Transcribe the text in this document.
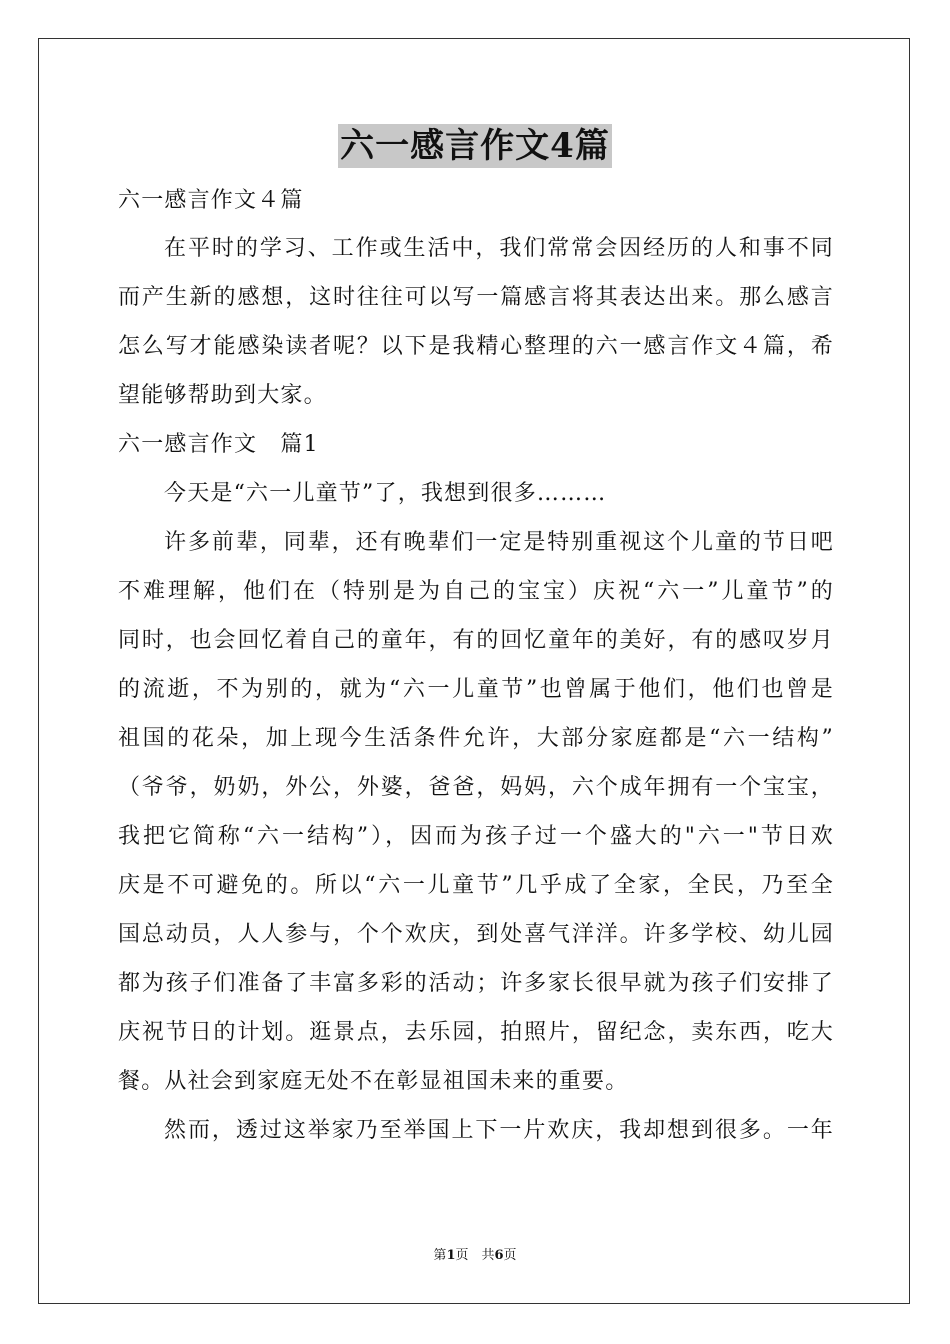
六一感言作文4篇
六一感言作文４篇
在平时的学习、工作或生活中，我们常常会因经历的人和事不同
而产生新的感想，这时往往可以写一篇感言将其表达出来。那么感言
怎么写才能感染读者呢？以下是我精心整理的六一感言作文４篇，希
望能够帮助到大家。
六一感言作文　篇1
今天是“六一儿童节”了，我想到很多………
许多前辈，同辈，还有晚辈们一定是特别重视这个儿童的节日吧
不难理解，他们在（特别是为自己的宝宝）庆祝“六一”儿童节”的
同时，也会回忆着自己的童年，有的回忆童年的美好，有的感叹岁月
的流逝，不为别的，就为“六一儿童节”也曾属于他们，他们也曾是
祖国的花朵，加上现今生活条件允许，大部分家庭都是“六一结构”
（爷爷，奶奶，外公，外婆，爸爸，妈妈，六个成年拥有一个宝宝，
我把它简称“六一结构”），因而为孩子过一个盛大的"六一"节日欢
庆是不可避免的。所以“六一儿童节”几乎成了全家，全民，乃至全
国总动员，人人参与，个个欢庆，到处喜气洋洋。许多学校、幼儿园
都为孩子们准备了丰富多彩的活动；许多家长很早就为孩子们安排了
庆祝节日的计划。逛景点，去乐园，拍照片，留纪念，卖东西，吃大
餐。从社会到家庭无处不在彰显祖国未来的重要。
然而，透过这举家乃至举国上下一片欢庆，我却想到很多。一年
第1页　共6页
